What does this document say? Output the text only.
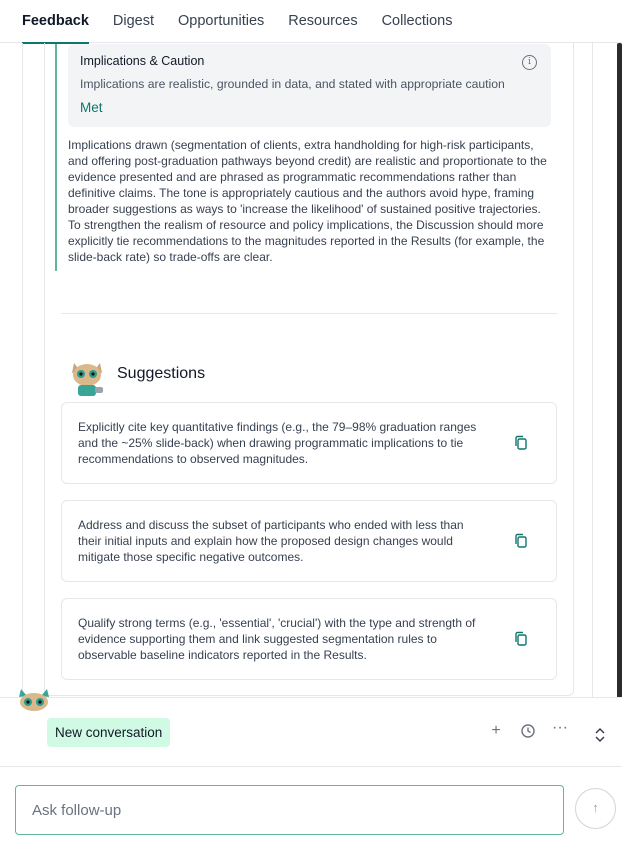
Feedback Digest Opportunities Resources Collections
Implications & Caution	i
Implications are realistic, grounded in data, and stated with appropriate caution
Met
Implications drawn (segmentation of clients, extra handholding for high-risk participants, and offering post-graduation pathways beyond credit) are realistic and proportionate to the evidence presented and are phrased as programmatic recommendations rather than definitive claims. The tone is appropriately cautious and the authors avoid hype, framing broader suggestions as ways to 'increase the likelihood' of sustained positive trajectories. To strengthen the realism of resource and policy implications, the Discussion should more explicitly tie recommendations to the magnitudes reported in the Results (for example, the slide-back rate) so trade-offs are clear.
Suggestions
Explicitly cite key quantitative findings (e.g., the 79–98% graduation ranges and the ~25% slide-back) when drawing programmatic implications to tie recommendations to observed magnitudes.
Address and discuss the subset of participants who ended with less than their initial inputs and explain how the proposed design changes would mitigate those specific negative outcomes.
Qualify strong terms (e.g., 'essential', 'crucial') with the type and strength of evidence supporting them and link suggested segmentation rules to observable baseline indicators reported in the Results.
New conversation	+	···
Ask follow-up
↑
